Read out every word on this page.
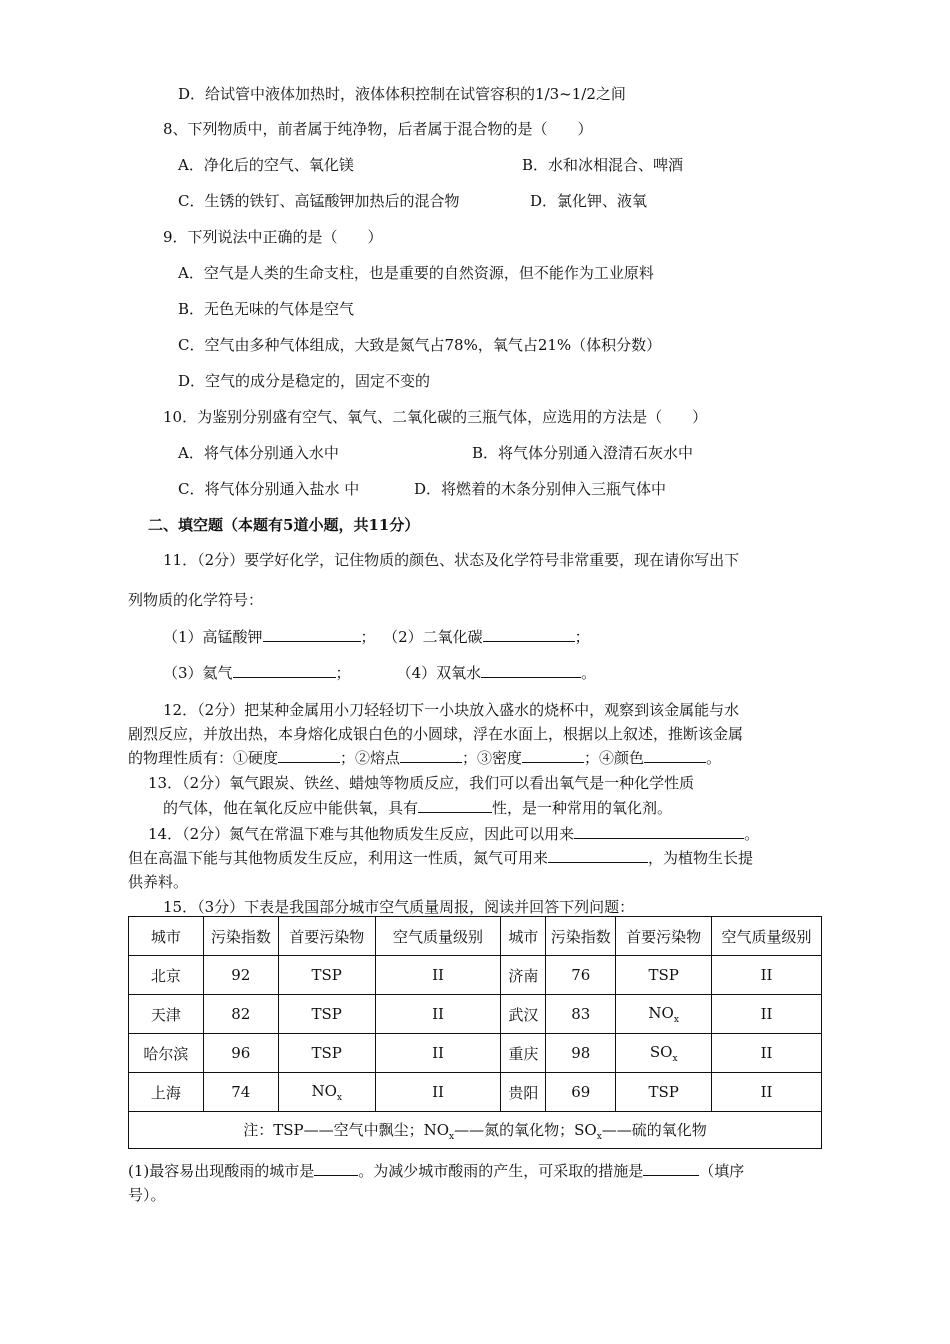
D．给试管中液体加热时，液体体积控制在试管容积的1/3~1/2之间
8、下列物质中，前者属于纯净物，后者属于混合物的是（　　）
A．净化后的空气、氧化镁	B．水和冰相混合、啤酒
C．生锈的铁钉、高锰酸钾加热后的混合物	D．氯化钾、液氧
9．下列说法中正确的是（　　）
A．空气是人类的生命支柱，也是重要的自然资源，但不能作为工业原料
B．无色无味的气体是空气
C．空气由多种气体组成，大致是氮气占78%，氧气占21%（体积分数）
D．空气的成分是稳定的，固定不变的
10．为鉴别分别盛有空气、氧气、二氧化碳的三瓶气体，应选用的方法是（　　）
A．将气体分别通入水中	B．将气体分别通入澄清石灰水中
C．将气体分别通入盐水 中	D．将燃着的木条分别伸入三瓶气体中
二、填空题（本题有5道小题，共11分）
11．（2分）要学好化学，记住物质的颜色、状态及化学符号非常重要，现在请你写出下
列物质的化学符号：
（1）高锰酸钾	；  （2）二氧化碳	；
（3）氦气	；	（4）双氧水	。
12．（2分）把某种金属用小刀轻轻切下一小块放入盛水的烧杯中，观察到该金属能与水
剧烈反应，并放出热，本身熔化成银白色的小圆球，浮在水面上，根据以上叙述，推断该金属
的物理性质有：①硬度	；②熔点	；③密度	；④颜色	。
13．（2分）氧气跟炭、铁丝、蜡烛等物质反应，我们可以看出氧气是一种化学性质
的气体，他在氧化反应中能供氧，具有	性，是一种常用的氧化剂。
14．（2分）氮气在常温下难与其他物质发生反应，因此可以用来	。
但在高温下能与其他物质发生反应，利用这一性质，氮气可用来	，为植物生长提
供养料。
15．（3分）下表是我国部分城市空气质量周报，阅读并回答下列问题：
城市	污染指数	首要污染物	空气质量级别	城市	污染指数	首要污染物	空气质量级别
北京	92	TSP	II	济南	76	TSP	II
天津	82	TSP	II	武汉	83	$NO_x$	II
哈尔滨	96	TSP	II	重庆	98	$SO_x$	II
上海	74	$NO_x$	II	贵阳	69	TSP	II
注：TSP——空气中飘尘；$NO_x——$氮的氧化物；$SO_x——$硫的氧化物							
(1)最容易出现酸雨的城市是	。为减少城市酸雨的产生，可采取的措施是	（填序
号）。
